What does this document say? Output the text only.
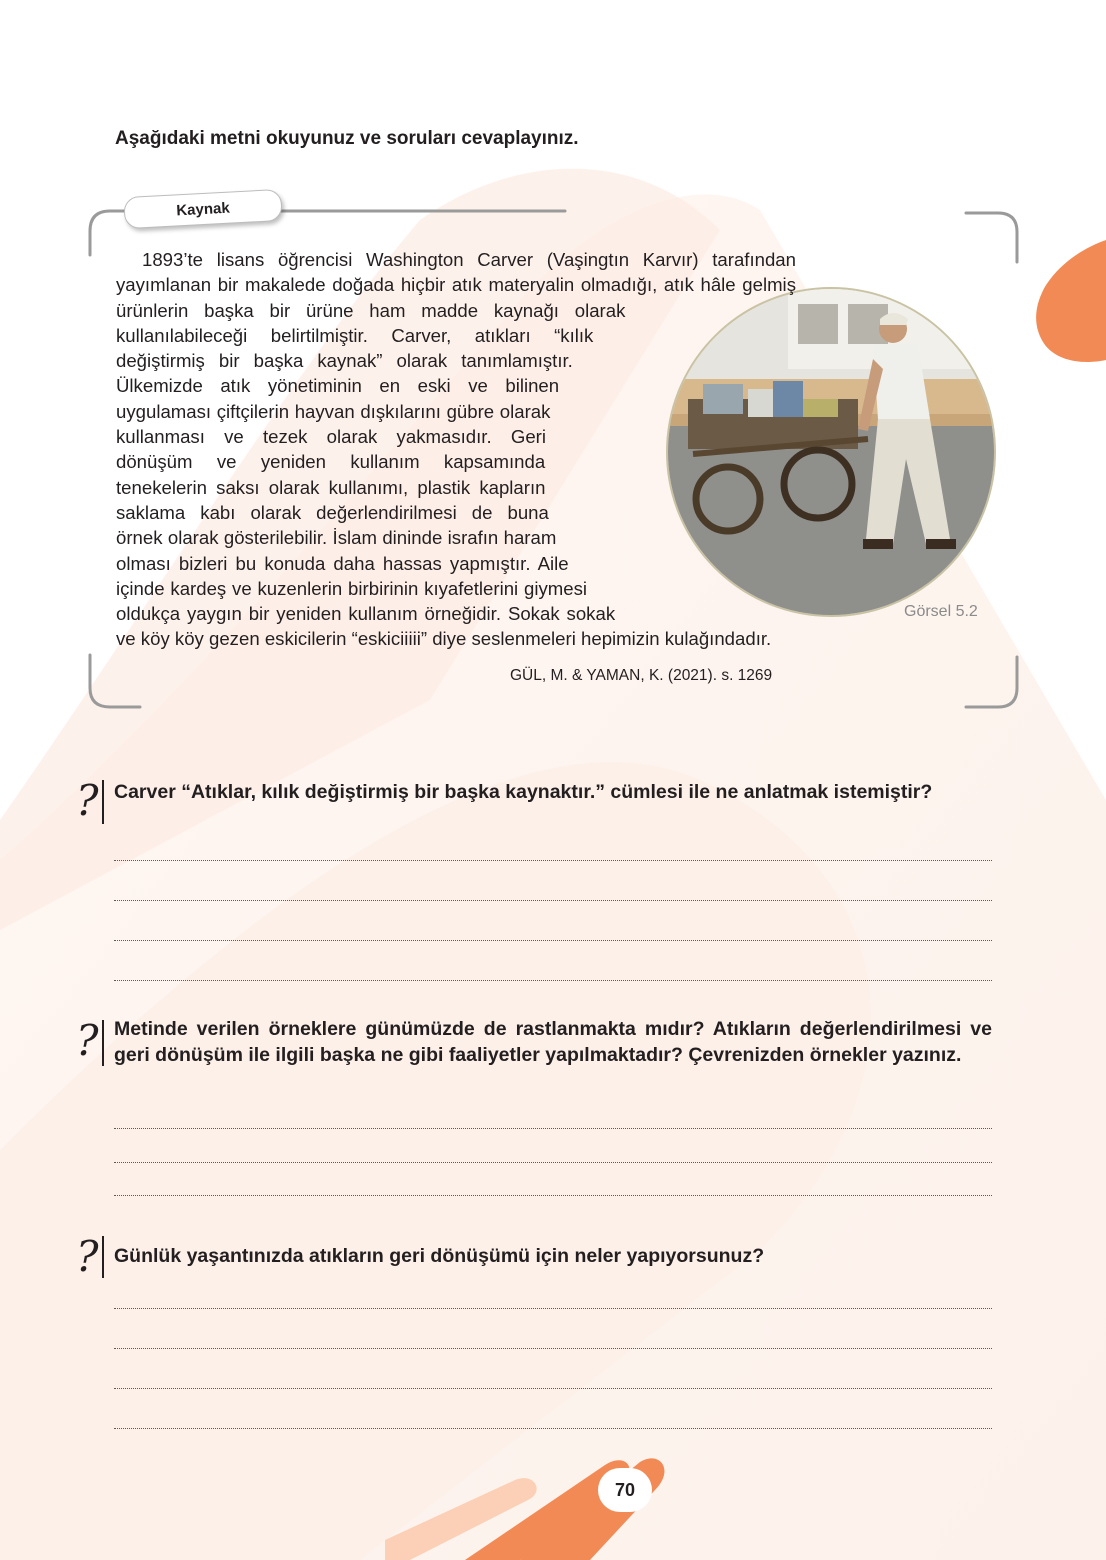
Aşağıdaki metni okuyunuz ve soruları cevaplayınız.
Kaynak

1893’te lisans öğrencisi Washington Carver (Vaşingtın Karvır) tarafından yayımlanan bir makalede doğada hiçbir atık materyalin olmadığı, atık hâle gelmiş ürünlerin başka bir ürüne ham madde kaynağı olarak kullanılabileceği belirtilmiştir. Carver, atıkları “kılık değiştirmiş bir başka kaynak” olarak tanımlamıştır. Ülkemizde atık yönetiminin en eski ve bilinen uygulaması çiftçilerin hayvan dışkılarını gübre olarak kullanması ve tezek olarak yakmasıdır. Geri dönüşüm ve yeniden kullanım kapsamında tenekelerin saksı olarak kullanımı, plastik kapların saklama kabı olarak değerlendirilmesi de buna örnek olarak gösterilebilir. İslam dininde israfın haram olması bizleri bu konuda daha hassas yapmıştır. Aile içinde kardeş ve kuzenlerin birbirinin kıyafetlerini giymesi oldukça yaygın bir yeniden kullanım örneğidir. Sokak sokak ve köy köy gezen eskicilerin “eskiciiiii” diye seslenmeleri hepimizin kulağındadır.

Görsel 5.2
GÜL, M. & YAMAN, K. (2021). s. 1269
? Carver “Atıklar, kılık değiştirmiş bir başka kaynaktır.” cümlesi ile ne anlatmak istemiştir?
? Metinde verilen örneklere günümüzde de rastlanmakta mıdır? Atıkların değerlendirilmesi ve geri dönüşüm ile ilgili başka ne gibi faaliyetler yapılmaktadır? Çevrenizden örnekler yazınız.
? Günlük yaşantınızda atıkların geri dönüşümü için neler yapıyorsunuz?
70
